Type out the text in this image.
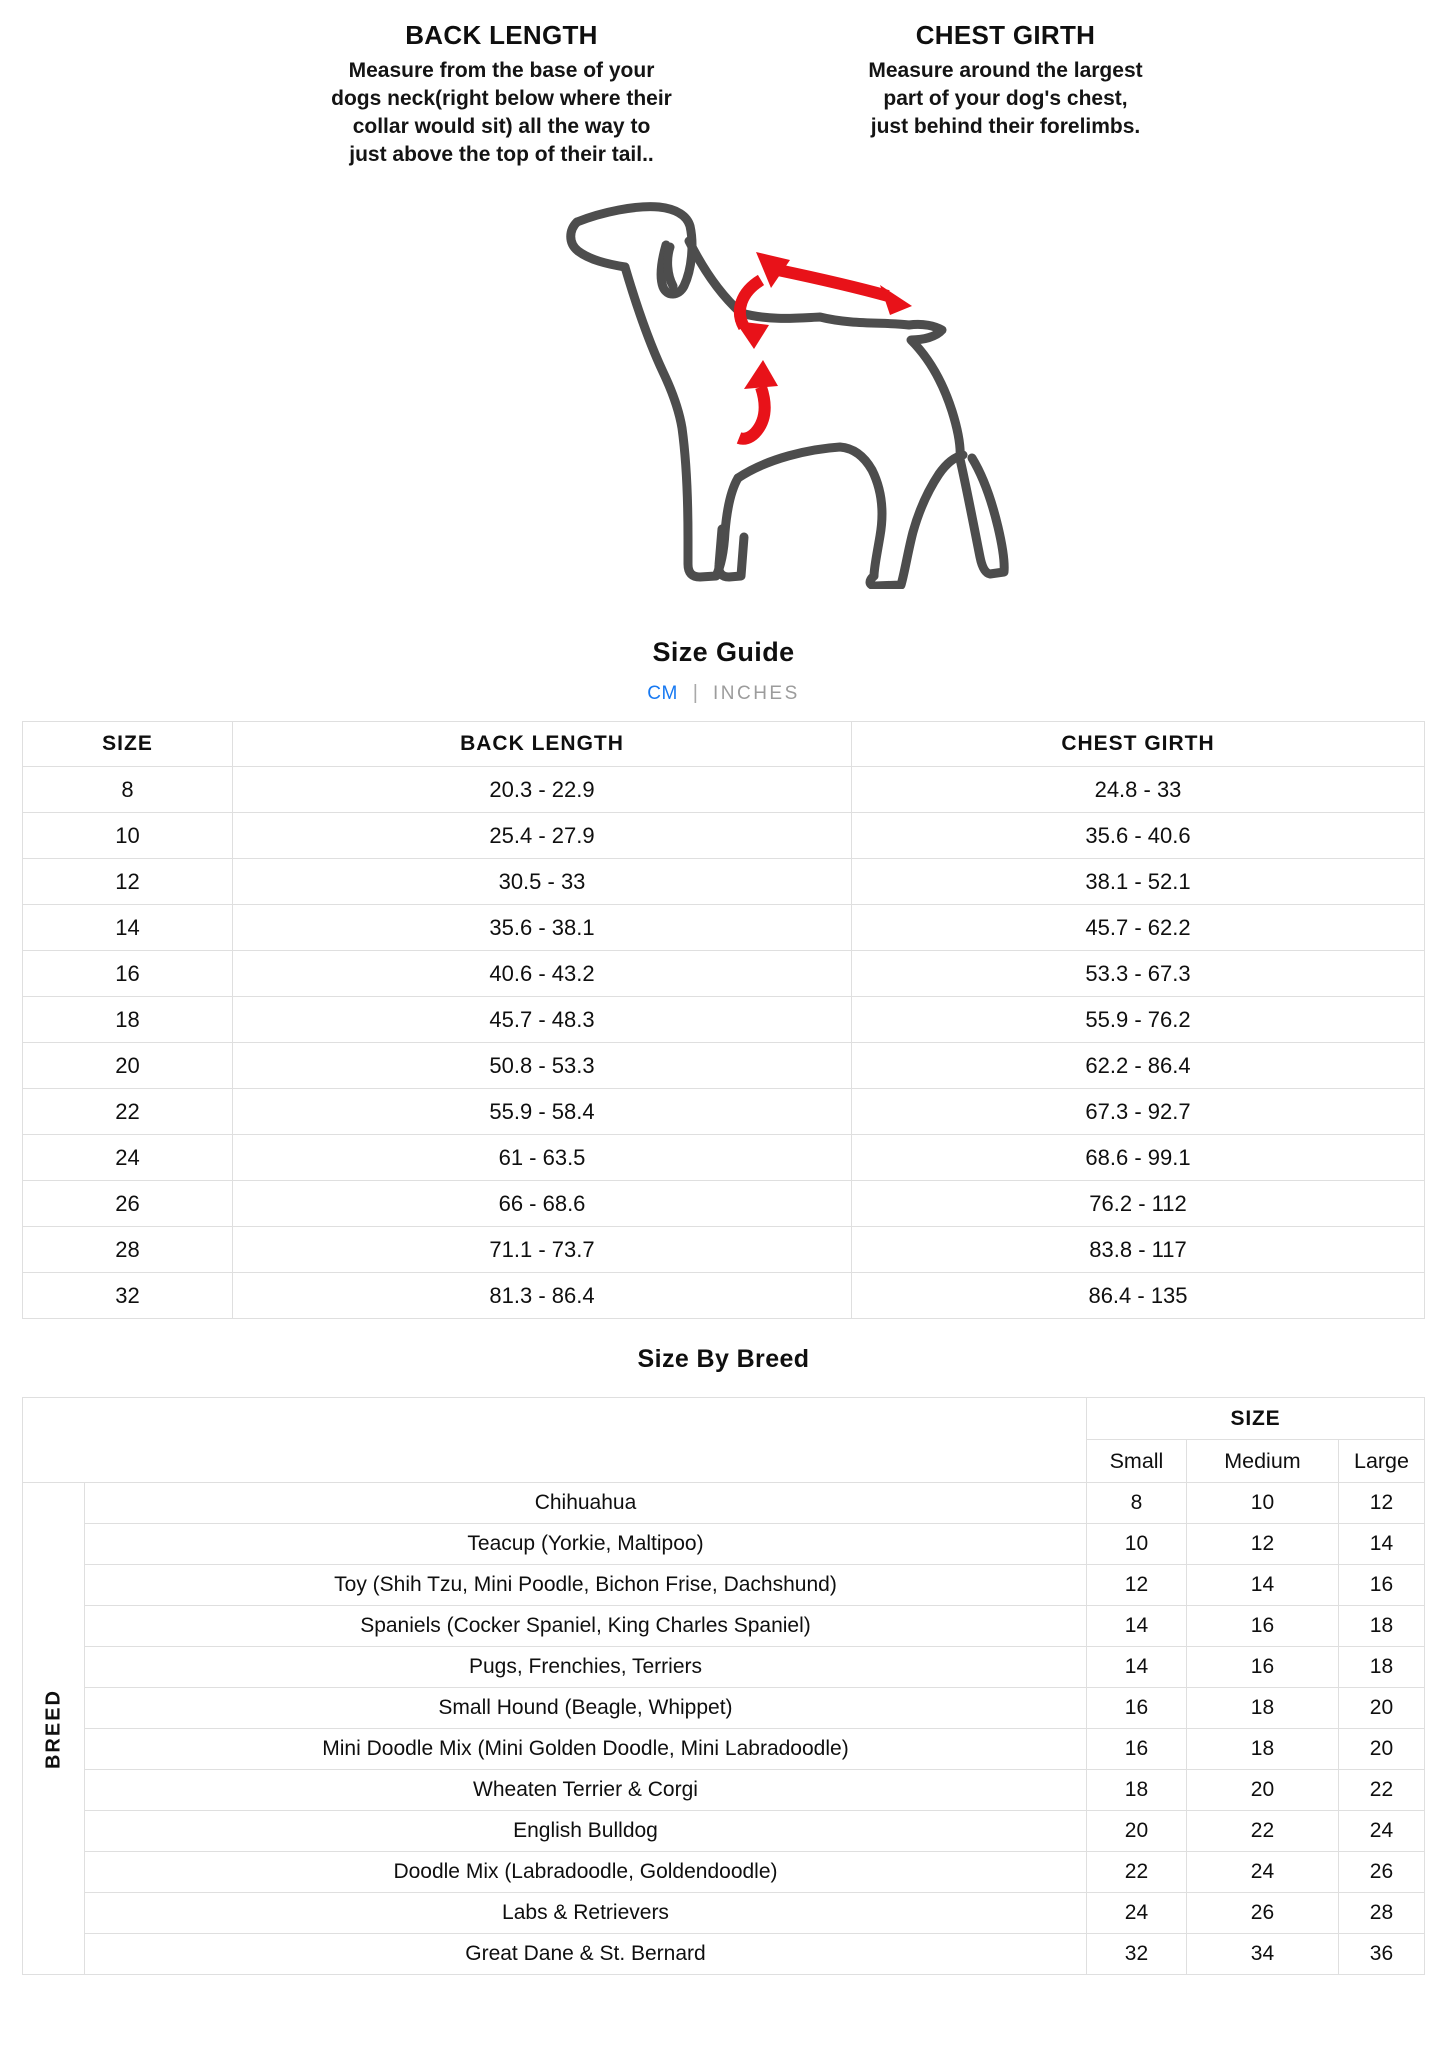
BACK LENGTH
Measure from the base of your
dogs neck(right below where their
collar would sit) all the way to
just above the top of their tail..
CHEST GIRTH
Measure around the largest
part of your dog's chest,
just behind their forelimbs.
Size Guide
CM | INCHES
SIZE	BACK LENGTH	CHEST GIRTH
8	20.3 - 22.9	24.8 - 33
10	25.4 - 27.9	35.6 - 40.6
12	30.5 - 33	38.1 - 52.1
14	35.6 - 38.1	45.7 - 62.2
16	40.6 - 43.2	53.3 - 67.3
18	45.7 - 48.3	55.9 - 76.2
20	50.8 - 53.3	62.2 - 86.4
22	55.9 - 58.4	67.3 - 92.7
24	61 - 63.5	68.6 - 99.1
26	66 - 68.6	76.2 - 112
28	71.1 - 73.7	83.8 - 117
32	81.3 - 86.4	86.4 - 135
Size By Breed
		SIZE		
		Small	Medium	Large

BREED	Chihuahua	8	10	12
	Teacup (Yorkie, Maltipoo)	10	12	14
	Toy (Shih Tzu, Mini Poodle, Bichon Frise, Dachshund)	12	14	16
	Spaniels (Cocker Spaniel, King Charles Spaniel)	14	16	18
	Pugs, Frenchies, Terriers	14	16	18
	Small Hound (Beagle, Whippet)	16	18	20
	Mini Doodle Mix (Mini Golden Doodle, Mini Labradoodle)	16	18	20
	Wheaten Terrier & Corgi	18	20	22
	English Bulldog	20	22	24
	Doodle Mix (Labradoodle, Goldendoodle)	22	24	26
	Labs & Retrievers	24	26	28
	Great Dane & St. Bernard	32	34	36
